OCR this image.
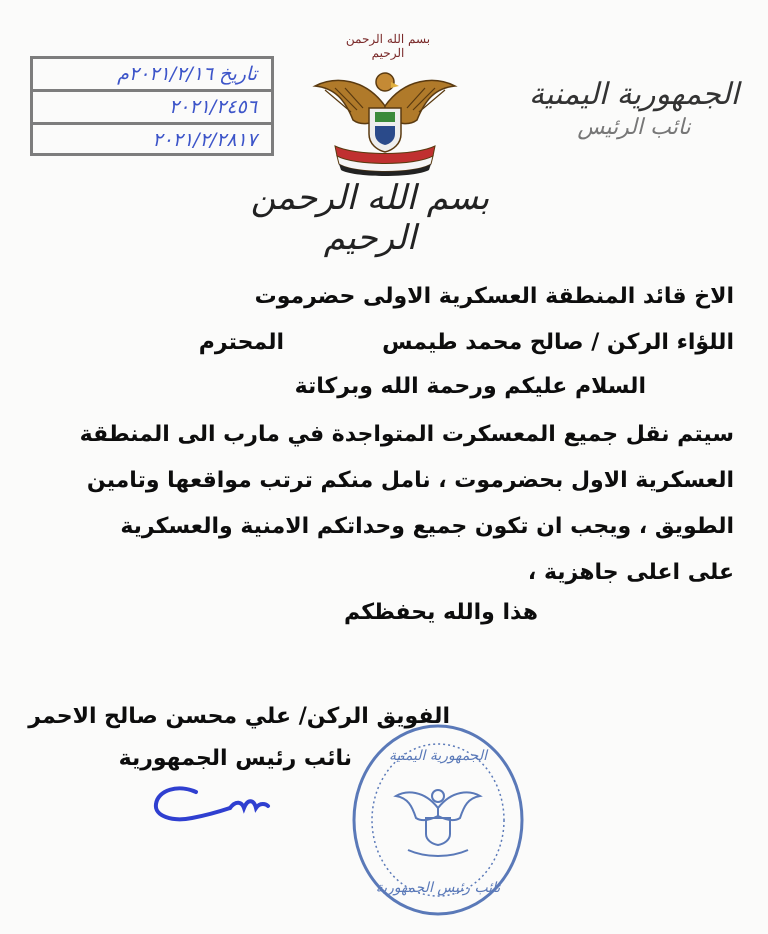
تاريخ ٢٠٢١/٢/١٦م
٢٠٢١/٢٤٥٦
٢٠٢١/٢/٢٨١٧
بسم الله الرحمن الرحيم
الجمهورية اليمنية
نائب الرئيس
بسم الله الرحمن الرحيم
الاخ قائد المنطقة العسكرية الاولى حضرموت
اللؤاء الركن / صالح محمد طيمس
المحترم
السلام عليكم ورحمة الله وبركاتة
سيتم نقل جميع المعسكرت المتواجدة في مارب الى المنطقة
العسكرية الاول بحضرموت ، نامل منكم ترتب مواقعها وتامين
الطويق ، ويجب ان تكون جميع وحداتكم الامنية والعسكرية
على اعلى جاهزية ،
هذا والله يحفظكم
الفويق الركن/ علي محسن صالح الاحمر
نائب رئيس الجمهورية	الجمهورية اليمنية
نائب رئيس الجمهورية
